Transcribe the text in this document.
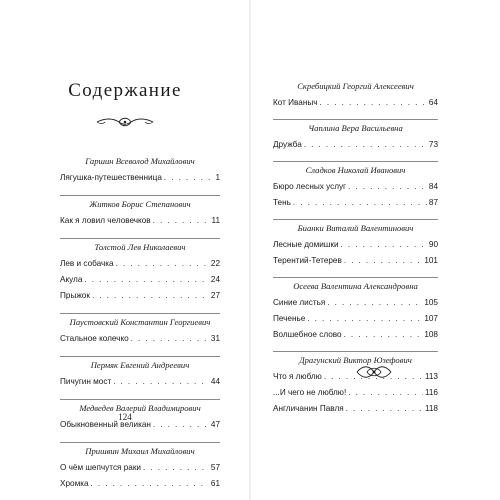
Содержание
Гаршин Всеволод Михайлович
Лягушка-путешественница . . .	1
Житков Борис Степанович
Как я ловил человечков . . .	11
Толстой Лев Николаевич
Лев и собачка . . .	22
Акула . . .	24
Прыжок . . .	27
Паустовский Константин Георгиевич
Стальное колечко . . .	31
Пермяк Евгений Андреевич
Пичугин мост . . .	44
Медведев Валерий Владимирович
Обыкновенный великан . . .	47
Пришвин Михаил Михайлович
О чём шепчутся раки . . .	57
Хромка . . .	61
Скребицкий Георгий Алексеевич
Кот Иваныч . . .	64
Чаплина Вера Васильевна
Дружба . . .	73
Сладков Николай Иванович
Бюро лесных услуг . . .	84
Тень . . .	87
Бианки Виталий Валентинович
Лесные домишки . . .	90
Терентий-Тетерев . . .	101
Осеева Валентина Александровна
Синие листья . . .	105
Печенье . . .	107
Волшебное слово . . .	108
Драгунский Виктор Юзефович
Что я люблю . . .	113
...И чего не люблю! . . .	116
Англичанин Павля . . .	118
124
